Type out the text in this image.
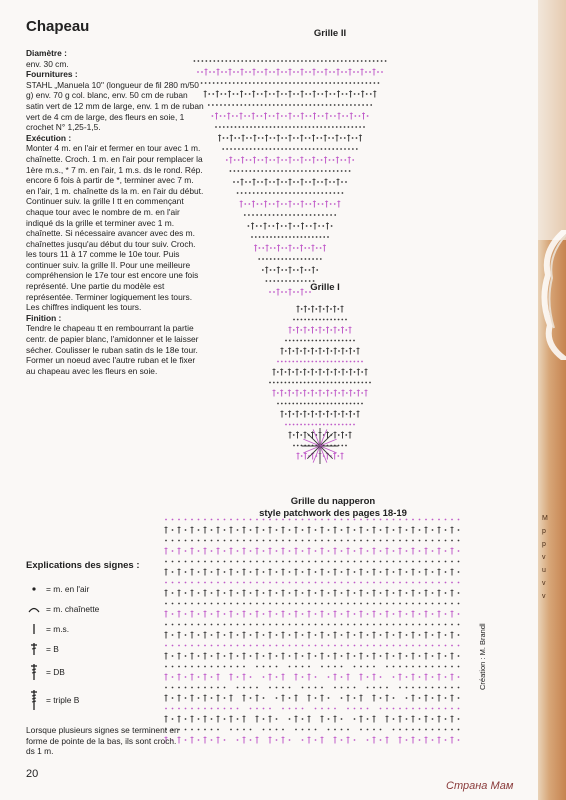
Chapeau
Diamètre :
env. 30 cm.
Fournitures :
STAHL „Manuela 10" (longueur de fil 280 m/50 g) env. 70 g col. blanc, env. 50 cm de ruban satin vert de 12 mm de large, env. 1 m de ruban vert de 4 cm de large, des fleurs en soie, 1 crochet N° 1,25-1,5.
Exécution :
Monter 4 m. en l'air et fermer en tour avec 1 m. chaînette. Croch. 1 m. en l'air pour remplacer la 1ère m.s., * 7 m. en l'air, 1 m.s. ds le rond. Rép. encore 6 fois à partir de *, terminer avec 7 m. en l'air, 1 m. chaînette ds la m. en l'air du début. Continuer suiv. la grille I tt en commençant chaque tour avec le nombre de m. en l'air indiqué ds la grille et terminer avec 1 m. chaînette. Si nécessaire avancer avec des m. chaînettes jusqu'au début du tour suiv. Croch. les tours 11 à 17 comme le 10e tour. Puis continuer suiv. la grille II. Pour une meilleure compréhension le 17e tour est encore une fois représenté. Une partie du modèle est représentée. Terminer logiquement les tours. Les chiffres indiquent les tours.
Finition :
Tendre le chapeau tt en rembourrant la partie centr. de papier blanc, l'amidonner et le laisser sécher. Coulisser le ruban satin ds le 18e tour. Former un noeud avec l'autre ruban et le fixer au chapeau avec les fleurs en soie.
Grille II
Grille I
Grille du napperon
style patchwork des pages 18-19
Explications des signes :
= m. en l'air
= m. chaînette
= m.s.
= B
= DB
= triple B
Lorsque plusieurs signes se terminent en forme de pointe de la bas, ils sont croch. ds 1 m.
20
Création : M. Brandl
M
p
p
v
u
v
v
Страна Мам
